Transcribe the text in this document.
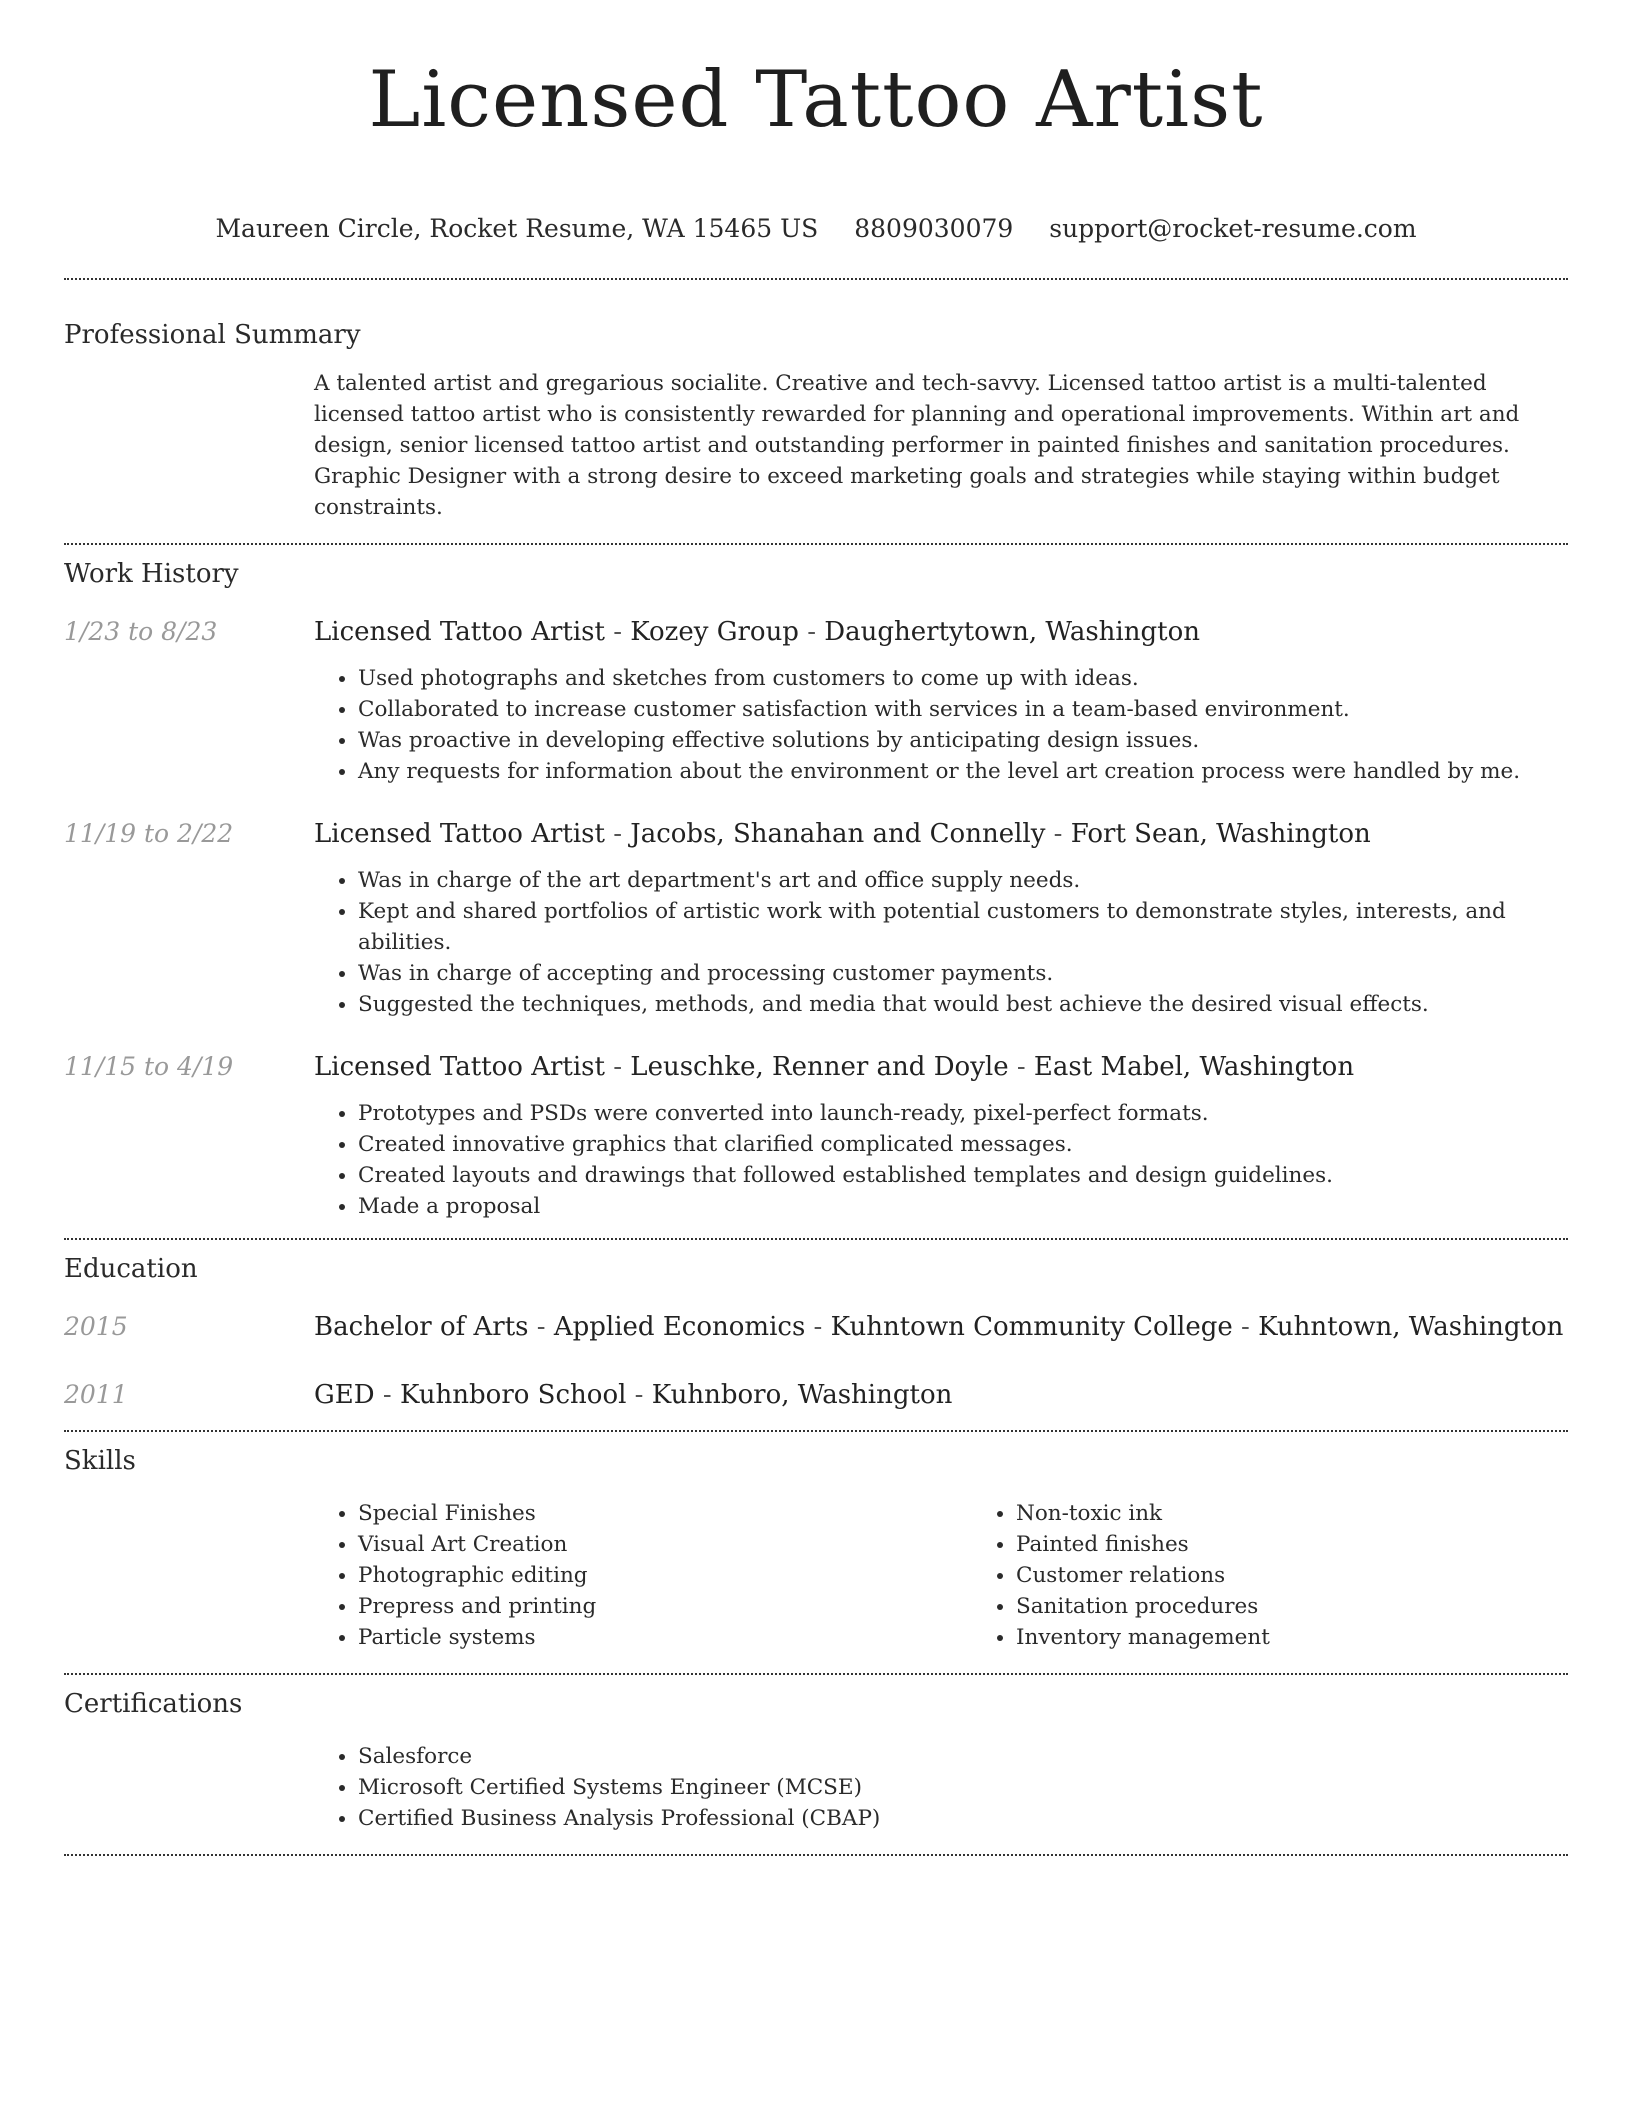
Licensed Tattoo Artist
Maureen Circle, Rocket Resume, WA 15465 US 8809030079 support@rocket-resume.com
Professional Summary
A talented artist and gregarious socialite. Creative and tech-savvy. Licensed tattoo artist is a multi-talented licensed tattoo artist who is consistently rewarded for planning and operational improvements. Within art and design, senior licensed tattoo artist and outstanding performer in painted finishes and sanitation procedures. Graphic Designer with a strong desire to exceed marketing goals and strategies while staying within budget constraints.
Work History
1/23 to 8/23	Licensed Tattoo Artist - Kozey Group - Daughertytown, Washington
• Used photographs and sketches from customers to come up with ideas.
• Collaborated to increase customer satisfaction with services in a team-based environment.
• Was proactive in developing effective solutions by anticipating design issues.
• Any requests for information about the environment or the level art creation process were handled by me.
11/19 to 2/22	Licensed Tattoo Artist - Jacobs, Shanahan and Connelly - Fort Sean, Washington
• Was in charge of the art department's art and office supply needs.
• Kept and shared portfolios of artistic work with potential customers to demonstrate styles, interests, and abilities.
• Was in charge of accepting and processing customer payments.
• Suggested the techniques, methods, and media that would best achieve the desired visual effects.
11/15 to 4/19	Licensed Tattoo Artist - Leuschke, Renner and Doyle - East Mabel, Washington
• Prototypes and PSDs were converted into launch-ready, pixel-perfect formats.
• Created innovative graphics that clarified complicated messages.
• Created layouts and drawings that followed established templates and design guidelines.
• Made a proposal
Education
2015	Bachelor of Arts - Applied Economics - Kuhntown Community College - Kuhntown, Washington
2011	GED - Kuhnboro School - Kuhnboro, Washington
Skills
• Special Finishes
• Visual Art Creation
• Photographic editing
• Prepress and printing
• Particle systems
• Non-toxic ink
• Painted finishes
• Customer relations
• Sanitation procedures
• Inventory management
Certifications
• Salesforce
• Microsoft Certified Systems Engineer (MCSE)
• Certified Business Analysis Professional (CBAP)
